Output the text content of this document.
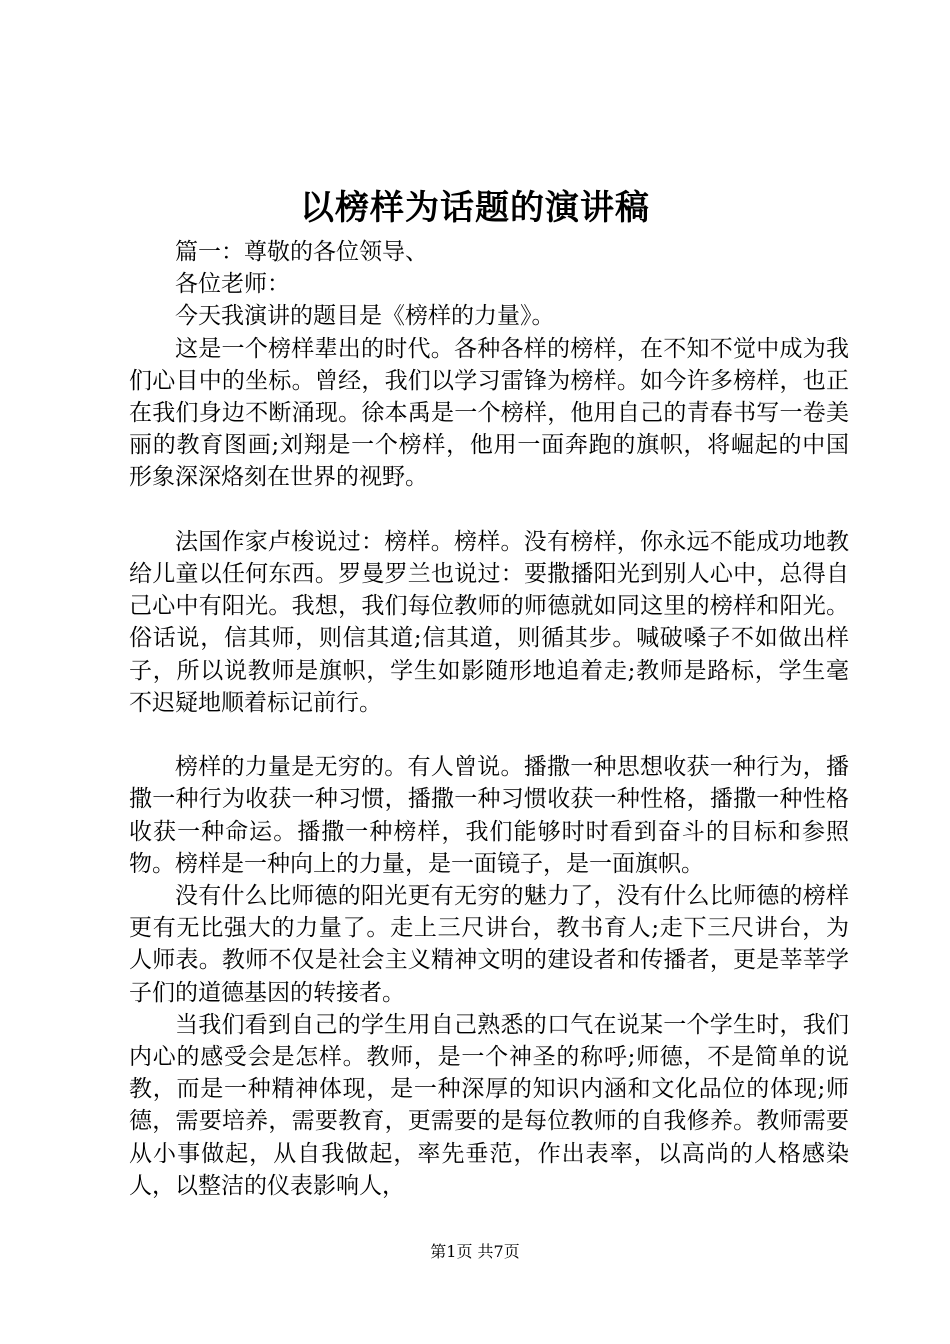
以榜样为话题的演讲稿

篇一：尊敬的各位领导、

各位老师：

今天我演讲的题目是《榜样的力量》。

这是一个榜样辈出的时代。各种各样的榜样，在不知不觉中成为我们心目中的坐标。曾经，我们以学习雷锋为榜样。如今许多榜样，也正在我们身边不断涌现。徐本禹是一个榜样，他用自己的青春书写一卷美丽的教育图画;刘翔是一个榜样，他用一面奔跑的旗帜，将崛起的中国形象深深烙刻在世界的视野。

法国作家卢梭说过：榜样。榜样。没有榜样，你永远不能成功地教给儿童以任何东西。罗曼罗兰也说过：要撒播阳光到别人心中，总得自己心中有阳光。我想，我们每位教师的师德就如同这里的榜样和阳光。俗话说，信其师，则信其道;信其道，则循其步。喊破嗓子不如做出样子，所以说教师是旗帜，学生如影随形地追着走;教师是路标，学生毫不迟疑地顺着标记前行。

榜样的力量是无穷的。有人曾说。播撒一种思想收获一种行为，播撒一种行为收获一种习惯，播撒一种习惯收获一种性格，播撒一种性格收获一种命运。播撒一种榜样，我们能够时时看到奋斗的目标和参照物。榜样是一种向上的力量，是一面镜子，是一面旗帜。

没有什么比师德的阳光更有无穷的魅力了，没有什么比师德的榜样更有无比强大的力量了。走上三尺讲台，教书育人;走下三尺讲台，为人师表。教师不仅是社会主义精神文明的建设者和传播者，更是莘莘学子们的道德基因的转接者。

当我们看到自己的学生用自己熟悉的口气在说某一个学生时，我们内心的感受会是怎样。教师，是一个神圣的称呼;师德，不是简单的说教，而是一种精神体现，是一种深厚的知识内涵和文化品位的体现;师德，需要培养，需要教育，更需要的是每位教师的自我修养。教师需要从小事做起，从自我做起，率先垂范，作出表率，以高尚的人格感染人，以整洁的仪表影响人，

第1页 共7页
